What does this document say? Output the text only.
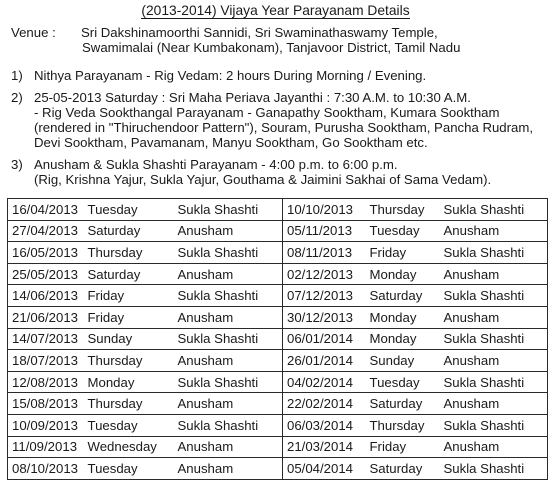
(2013-2014) Vijaya Year Parayanam Details
Venue : Sri Dakshinamoorthi Sannidi, Sri Swaminathaswamy Temple,
Swamimalai (Near Kumbakonam), Tanjavoor District, Tamil Nadu
1) Nithya Parayanam - Rig Vedam: 2 hours During Morning / Evening.
2) 25-05-2013 Saturday : Sri Maha Periava Jayanthi : 7:30 A.M. to 10:30 A.M.
- Rig Veda Sookthangal Parayanam - Ganapathy Sooktham, Kumara Sooktham
(rendered in "Thiruchendoor Pattern"), Souram, Purusha Sooktham, Pancha Rudram,
Devi Sooktham, Pavamanam, Manyu Sooktham, Go Sooktham etc.
3) Anusham & Sukla Shashti Parayanam - 4:00 p.m. to 6:00 p.m.
(Rig, Krishna Yajur, Sukla Yajur, Gouthama & Jaimini Sakhai of Sama Vedam).
16/04/2013	Tuesday	Sukla Shashti	10/10/2013	Thursday	Sukla Shashti
27/04/2013	Saturday	Anusham	05/11/2013	Tuesday	Anusham
16/05/2013	Thursday	Sukla Shashti	08/11/2013	Friday	Sukla Shashti
25/05/2013	Saturday	Anusham	02/12/2013	Monday	Anusham
14/06/2013	Friday	Sukla Shashti	07/12/2013	Saturday	Sukla Shashti
21/06/2013	Friday	Anusham	30/12/2013	Monday	Anusham
14/07/2013	Sunday	Sukla Shashti	06/01/2014	Monday	Sukla Shashti
18/07/2013	Thursday	Anusham	26/01/2014	Sunday	Anusham
12/08/2013	Monday	Sukla Shashti	04/02/2014	Tuesday	Sukla Shashti
15/08/2013	Thursday	Anusham	22/02/2014	Saturday	Anusham
10/09/2013	Tuesday	Sukla Shashti	06/03/2014	Thursday	Sukla Shashti
11/09/2013	Wednesday	Anusham	21/03/2014	Friday	Anusham
08/10/2013	Tuesday	Anusham	05/04/2014	Saturday	Sukla Shashti
